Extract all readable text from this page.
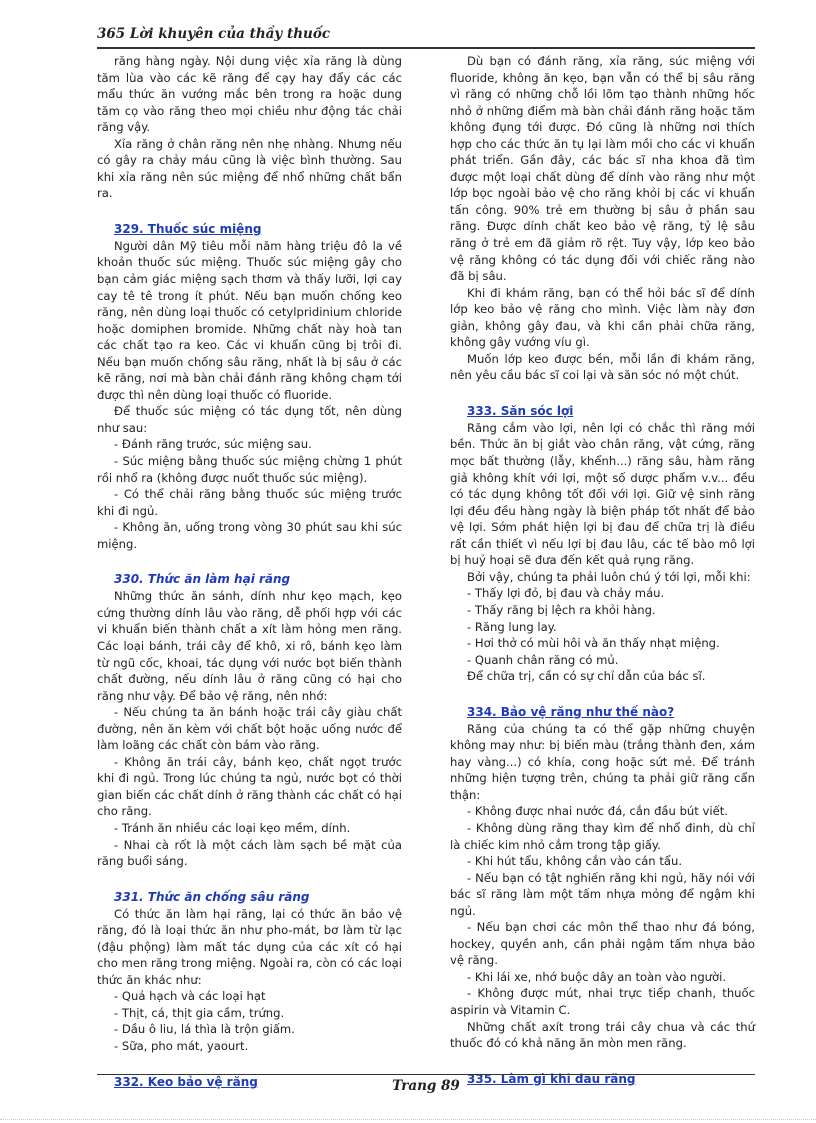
365 Lời khuyên của thầy thuốc

răng hàng ngày. Nội dung việc xỉa răng là dùng tăm lùa vào các kẽ răng để cạy hay đẩy các các mẩu thức ăn vướng mắc bên trong ra hoặc dung tăm cọ vào răng theo mọi chiều như động tác chải răng vậy.

Xỉa răng ở chân răng nên nhẹ nhàng. Nhưng nếu có gây ra chảy máu cũng là việc bình thường. Sau khi xỉa răng nên súc miệng để nhổ những chất bẩn ra.

329. Thuốc súc miệng

Người dân Mỹ tiêu mỗi năm hàng triệu đô la về khoản thuốc súc miệng. Thuốc súc miệng gây cho bạn cảm giác miệng sạch thơm và thấy lưỡi, lợi cay cay tê tê trong ít phút. Nếu bạn muốn chống keo răng, nên dùng loại thuốc có cetylpridinium chloride hoặc domiphen bromide. Những chất này hoà tan các chất tạo ra keo. Các vi khuẩn cũng bị trôi đi. Nếu bạn muốn chống sâu răng, nhất là bị sâu ở các kẽ răng, nơi mà bàn chải đánh răng không chạm tới được thì nên dùng loại thuốc có fluoride.

Để thuốc súc miệng có tác dụng tốt, nên dùng như sau:

- Đánh răng trước, súc miệng sau.

- Súc miệng bằng thuốc súc miệng chừng 1 phút rồi nhổ ra (không được nuốt thuốc súc miệng).

- Có thể chải răng bằng thuốc súc miệng trước khi đi ngủ.

- Không ăn, uống trong vòng 30 phút sau khi súc miệng.

330. Thức ăn làm hại răng

Những thức ăn sánh, dính như kẹo mạch, kẹo cứng thường dính lâu vào răng, dễ phối hợp với các vi khuẩn biến thành chất a xít làm hỏng men răng. Các loại bánh, trái cây để khô, xi rô, bánh kẹo làm từ ngũ cốc, khoai, tác dụng với nước bọt biến thành chất đường, nếu dính lâu ở răng cũng có hại cho răng như vậy. Để bảo vệ răng, nên nhớ:

- Nếu chúng ta ăn bánh hoặc trái cây giàu chất đường, nên ăn kèm với chất bột hoặc uống nước để làm loãng các chất còn bám vào răng.

- Không ăn trái cây, bánh kẹo, chất ngọt trước khi đi ngủ. Trong lúc chúng ta ngủ, nước bọt có thời gian biến các chất dính ở răng thành các chất có hại cho răng.

- Tránh ăn nhiều các loại kẹo mềm, dính.

- Nhai cà rốt là một cách làm sạch bề mặt của răng buổi sáng.

331. Thức ăn chống sâu răng

Có thức ăn làm hại răng, lại có thức ăn bảo vệ răng, đó là loại thức ăn như pho-mát, bơ làm từ lạc (đậu phộng) làm mất tác dụng của các xít có hại cho men răng trong miệng. Ngoài ra, còn có các loại thức ăn khác như:

- Quả hạch và các loại hạt

- Thịt, cá, thịt gia cầm, trứng.

- Dầu ô liu, lá thìa là trộn giấm.

- Sữa, pho mát, yaourt.

332. Keo bảo vệ răng

Dù bạn có đánh răng, xỉa răng, súc miệng với fluoride, không ăn kẹo, bạn vẫn có thể bị sâu răng vì răng có những chỗ lồi lõm tạo thành những hốc nhỏ ở những điểm mà bàn chải đánh răng hoặc tăm không đụng tới được. Đó cũng là những nơi thích hợp cho các thức ăn tụ lại làm mồi cho các vi khuẩn phát triển. Gần đây, các bác sĩ nha khoa đã tìm được một loại chất dùng để dính vào răng như một lớp bọc ngoài bảo vệ cho răng khỏi bị các vi khuẩn tấn công. 90% trẻ em thường bị sâu ở phần sau răng. Được dính chất keo bảo vệ răng, tỷ lệ sâu răng ở trẻ em đã giảm rõ rệt. Tuy vậy, lớp keo bảo vệ răng không có tác dụng đối với chiếc răng nào đã bị sâu.

Khi đi khám răng, bạn có thể hỏi bác sĩ để dính lớp keo bảo vệ răng cho mình. Việc làm này đơn giản, không gây đau, và khi cần phải chữa răng, không gây vướng víu gì.

Muốn lớp keo được bền, mỗi lần đi khám răng, nên yêu cầu bác sĩ coi lại và săn sóc nó một chút.

333. Săn sóc lợi

Răng cắm vào lợi, nên lợi có chắc thì răng mới bền. Thức ăn bị giắt vào chân răng, vật cứng, răng mọc bất thường (lẫy, khểnh...) răng sâu, hàm răng giả không khít với lợi, một số dược phẩm v.v... đều có tác dụng không tốt đối với lợi. Giữ vệ sinh răng lợi đều đều hàng ngày là biện pháp tốt nhất để bảo vệ lợi. Sớm phát hiện lợi bị đau để chữa trị là điều rất cần thiết vì nếu lợi bị đau lâu, các tế bào mô lợi bị huỷ hoại sẽ đưa đến kết quả rụng răng.

Bởi vậy, chúng ta phải luôn chú ý tới lợi, mỗi khi:

- Thấy lợi đỏ, bị đau và chảy máu.

- Thấy răng bị lệch ra khỏi hàng.

- Răng lung lay.

- Hơi thở có mùi hôi và ăn thấy nhạt miệng.

- Quanh chân răng có mủ.

Để chữa trị, cần có sự chỉ dẫn của bác sĩ.

334. Bảo vệ răng như thế nào?

Răng của chúng ta có thể gặp những chuyện không may như: bị biến màu (trắng thành đen, xám hay vàng...) có khía, cong hoặc sứt mẻ. Để tránh những hiện tượng trên, chúng ta phải giữ răng cẩn thận:

- Không được nhai nước đá, cắn đầu bút viết.

- Không dùng răng thay kìm để nhổ đinh, dù chỉ là chiếc kim nhỏ cắm trong tập giấy.

- Khi hút tẩu, không cắn vào cán tẩu.

- Nếu bạn có tật nghiến răng khi ngủ, hãy nói với bác sĩ răng làm một tấm nhựa mỏng để ngậm khi ngủ.

- Nếu bạn chơi các môn thể thao như đá bóng, hockey, quyền anh, cần phải ngậm tấm nhựa bảo vệ răng.

- Khi lái xe, nhớ buộc dây an toàn vào người.

- Không được mút, nhai trực tiếp chanh, thuốc aspirin và Vitamin C.

Những chất axít trong trái cây chua và các thứ thuốc đó có khả năng ăn mòn men răng.

335. Làm gì khi đau răng
Trang 89
